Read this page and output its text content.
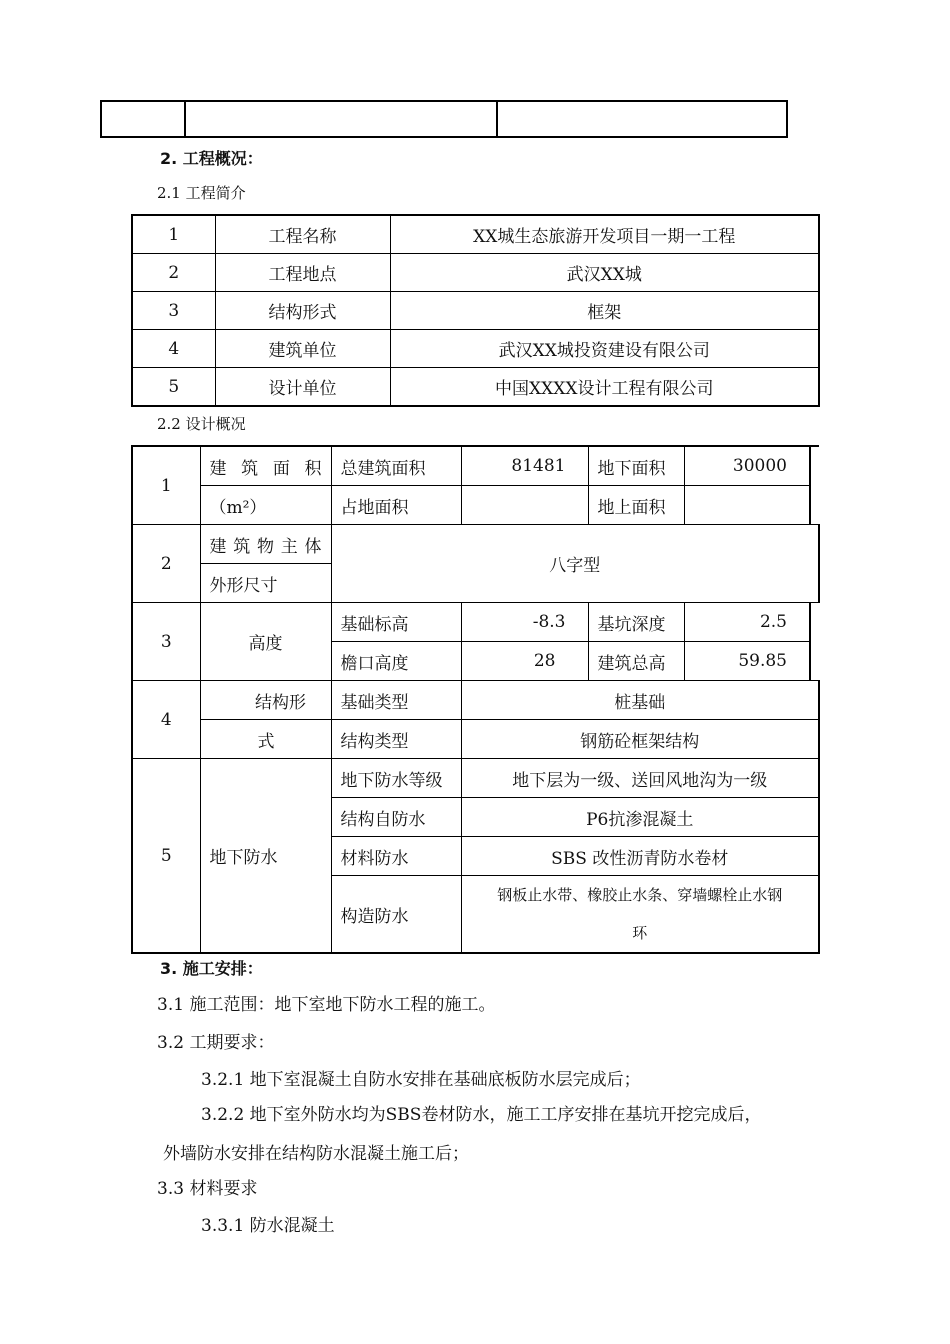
2. 工程概况：
2.1 工程简介
1	工程名称	XX城生态旅游开发项目一期一工程
2	工程地点	武汉XX城
3	结构形式	框架
4	建筑单位	武汉XX城投资建设有限公司
5	设计单位	中国XXXX设计工程有限公司
2.2 设计概况
1	建 筑 面 积	总建筑面积	81481	地下面积	30000	
	（m²）	占地面积		地上面积		
2	建 筑 物 主 体	八字型				
	外形尺寸					
3	高度	基础标高	-8.3	基坑深度	2.5	
		檐口高度	28	建筑总高	59.85	
4	结构形	基础类型	桩基础			
	式	结构类型	钢筋砼框架结构			
5	地下防水	地下防水等级	地下层为一级、送回风地沟为一级			
		结构自防水	P6抗渗混凝土			
		材料防水	SBS 改性沥青防水卷材			
		构造防水	钢板止水带、橡胶止水条、穿墙螺栓止水钢
环			
3. 施工安排：
3.1 施工范围：地下室地下防水工程的施工。
3.2 工期要求：
3.2.1 地下室混凝土自防水安排在基础底板防水层完成后；
3.2.2 地下室外防水均为SBS卷材防水，施工工序安排在基坑开挖完成后，
外墙防水安排在结构防水混凝土施工后；
3.3 材料要求
3.3.1 防水混凝土
